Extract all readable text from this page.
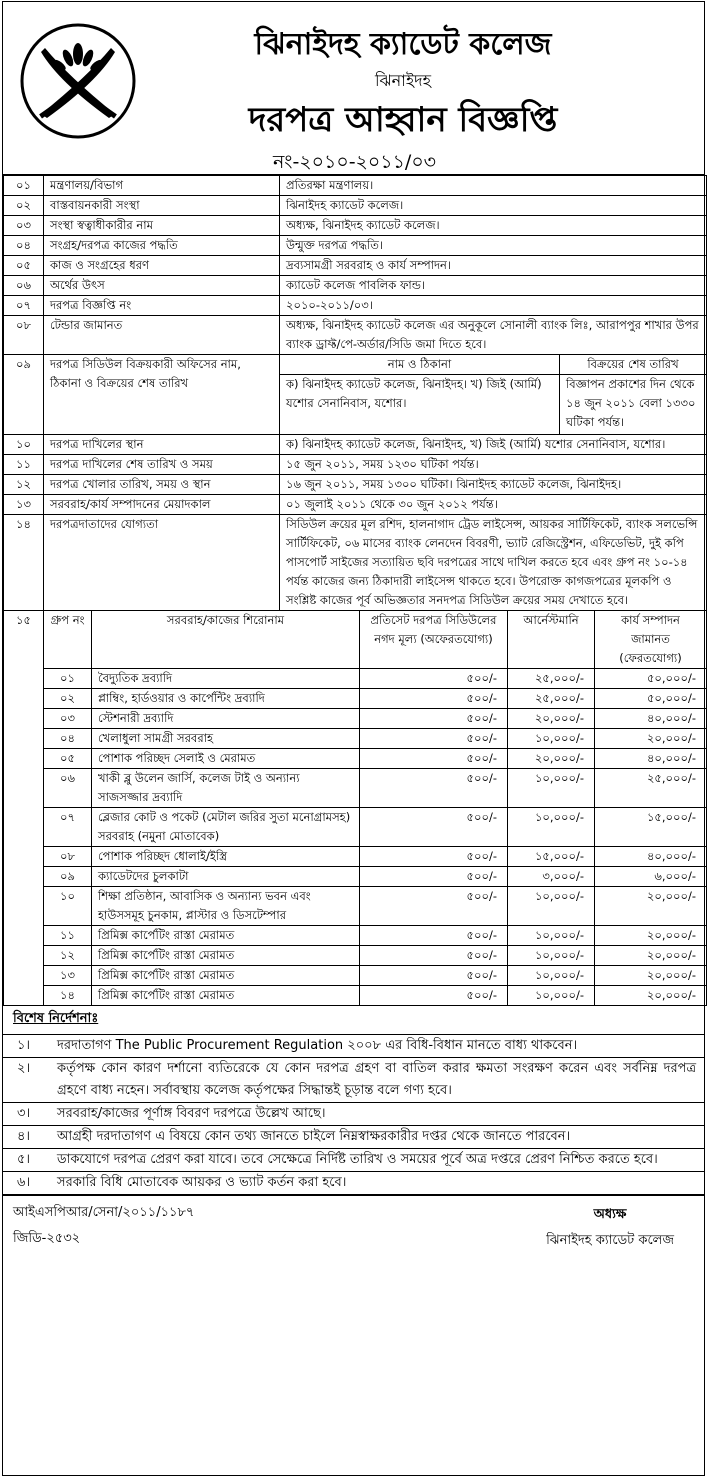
ঝিনাইদহ ক্যাডেট কলেজ
ঝিনাইদহ
দরপত্র আহ্বান বিজ্ঞপ্তি
নং-২০১০-২০১১/০৩
০১	মন্ত্রণালয়/বিভাগ	প্রতিরক্ষা মন্ত্রণালয়।	
০২	বাস্তবায়নকারী সংস্থা	ঝিনাইদহ ক্যাডেট কলেজ।	
০৩	সংস্থা স্বত্বাধীকারীর নাম	অধ্যক্ষ, ঝিনাইদহ ক্যাডেট কলেজ।	
০৪	সংগ্রহ/দরপত্র কাজের পদ্ধতি	উন্মুক্ত দরপত্র পদ্ধতি।	
০৫	কাজ ও সংগ্রহের ধরণ	দ্রব্যসামগ্রী সরবরাহ ও কার্য সম্পাদন।	
০৬	অর্থের উৎস	ক্যাডেট কলেজ পাবলিক ফান্ড।	
০৭	দরপত্র বিজ্ঞপ্তি নং	২০১০-২০১১/০৩।	
০৮	টেন্ডার জামানত	অধ্যক্ষ, ঝিনাইদহ ক্যাডেট কলেজ এর অনুকূলে সোনালী ব্যাংক লিঃ, আরাপপুর শাখার উপর ব্যাংক ড্রাফ্ট/পে-অর্ডার/সিডি জমা দিতে হবে।	
০৯	দরপত্র সিডিউল বিক্রয়কারী অফিসের নাম, ঠিকানা ও বিক্রয়ের শেষ তারিখ	নাম ও ঠিকানা	বিক্রয়ের শেষ তারিখ
		ক) ঝিনাইদহ ক্যাডেট কলেজ, ঝিনাইদহ। খ) জিই (আর্মি) যশোর সেনানিবাস, যশোর।	বিজ্ঞাপন প্রকাশের দিন থেকে ১৪ জুন ২০১১ বেলা ১৩৩০ ঘটিকা পর্যন্ত।
১০	দরপত্র দাখিলের স্থান	ক) ঝিনাইদহ ক্যাডেট কলেজ, ঝিনাইদহ, খ) জিই (আর্মি) যশোর সেনানিবাস, যশোর।	
১১	দরপত্র দাখিলের শেষ তারিখ ও সময়	১৫ জুন ২০১১, সময় ১২৩০ ঘটিকা পর্যন্ত।	
১২	দরপত্র খোলার তারিখ, সময় ও স্থান	১৬ জুন ২০১১, সময় ১৩০০ ঘটিকা। ঝিনাইদহ ক্যাডেট কলেজ, ঝিনাইদহ।	
১৩	সরবরাহ/কার্য সম্পাদনের মেয়াদকাল	০১ জুলাই ২০১১ থেকে ৩০ জুন ২০১২ পর্যন্ত।	
১৪	দরপত্রদাতাদের যোগ্যতা	সিডিউল ক্রয়ের মূল রশিদ, হালনাগাদ ট্রেড লাইসেন্স, আয়কর সার্টিফিকেট, ব্যাংক সলভেন্সি সার্টিফিকেট, ০৬ মাসের ব্যাংক লেনদেন বিবরণী, ভ্যাট রেজিস্ট্রেশন, এফিডেভিট, দুই কপি পাসপোর্ট সাইজের সত্যায়িত ছবি দরপত্রের সাথে দাখিল করতে হবে এবং গ্রুপ নং ১০-১৪ পর্যন্ত কাজের জন্য ঠিকাদারী লাইসেন্স থাকতে হবে। উপরোক্ত কাগজপত্রের মূলকপি ও সংশ্লিষ্ট কাজের পূর্ব অভিজ্ঞতার সনদপত্র সিডিউল ক্রয়ের সময় দেখাতে হবে।	
১৫	গ্রুপ নং	সরবরাহ/কাজের শিরোনাম	প্রতিসেট দরপত্র সিডিউলের নগদ মূল্য (অফেরতযোগ্য)	আর্নেস্টমানি	কার্য সম্পাদন জামানত (ফেরতযোগ্য)
	০১	বৈদ্যুতিক দ্রব্যাদি	৫০০/-	২৫,০০০/-	৫০,০০০/-
	০২	প্লাম্বিং, হার্ডওয়ার ও কার্পেন্টিং দ্রব্যাদি	৫০০/-	২৫,০০০/-	৫০,০০০/-
	০৩	স্টেশনারী দ্রব্যাদি	৫০০/-	২০,০০০/-	৪০,০০০/-
	০৪	খেলাধুলা সামগ্রী সরবরাহ	৫০০/-	১০,০০০/-	২০,০০০/-
	০৫	পোশাক পরিচ্ছদ সেলাই ও মেরামত	৫০০/-	২০,০০০/-	৪০,০০০/-
	০৬	খাকী ব্লু উলেন জার্সি, কলেজ টাই ও অন্যান্য সাজসজ্জার দ্রব্যাদি	৫০০/-	১০,০০০/-	২৫,০০০/-
	০৭	ব্লেজার কোট ও পকেট (মেটাল জরির সুতা মনোগ্রামসহ) সরবরাহ (নমুনা মোতাবেক)	৫০০/-	১০,০০০/-	১৫,০০০/-
	০৮	পোশাক পরিচ্ছদ ধোলাই/ইস্ত্রি	৫০০/-	১৫,০০০/-	৪০,০০০/-
	০৯	ক্যাডেটদের চুলকাটা	৫০০/-	৩,০০০/-	৬,০০০/-
	১০	শিক্ষা প্রতিষ্ঠান, আবাসিক ও অন্যান্য ভবন এবং হাউসসমূহ চুনকাম, প্লাস্টার ও ডিসটেম্পার	৫০০/-	১০,০০০/-	২০,০০০/-
	১১	প্রিমিক্স কার্পেটিং রাস্তা মেরামত	৫০০/-	১০,০০০/-	২০,০০০/-
	১২	প্রিমিক্স কার্পেটিং রাস্তা মেরামত	৫০০/-	১০,০০০/-	২০,০০০/-
	১৩	প্রিমিক্স কার্পেটিং রাস্তা মেরামত	৫০০/-	১০,০০০/-	২০,০০০/-
	১৪	প্রিমিক্স কার্পেটিং রাস্তা মেরামত	৫০০/-	১০,০০০/-	২০,০০০/-
বিশেষ নির্দেশনাঃ
১।	দরদাতাগণ The Public Procurement Regulation ২০০৮ এর বিধি-বিধান মানতে বাধ্য থাকবেন।
২।	কর্তৃপক্ষ কোন কারণ দর্শানো ব্যতিরেকে যে কোন দরপত্র গ্রহণ বা বাতিল করার ক্ষমতা সংরক্ষণ করেন এবং সর্বনিম্ন দরপত্র গ্রহণে বাধ্য নহেন। সর্বাবস্থায় কলেজ কর্তৃপক্ষের সিদ্ধান্তই চূড়ান্ত বলে গণ্য হবে।
৩।	সরবরাহ/কাজের পূর্ণাঙ্গ বিবরণ দরপত্রে উল্লেখ আছে।
৪।	আগ্রহী দরদাতাগণ এ বিষয়ে কোন তথ্য জানতে চাইলে নিম্নস্বাক্ষরকারীর দপ্তর থেকে জানতে পারবেন।
৫।	ডাকযোগে দরপত্র প্রেরণ করা যাবে। তবে সেক্ষেত্রে নির্দিষ্ট তারিখ ও সময়ের পূর্বে অত্র দপ্তরে প্রেরণ নিশ্চিত করতে হবে।
৬।	সরকারি বিধি মোতাবেক আয়কর ও ভ্যাট কর্তন করা হবে।
আইএসপিআর/সেনা/২০১১/১১৮৭
জিডি-২৫৩২
অধ্যক্ষ
ঝিনাইদহ ক্যাডেট কলেজ
